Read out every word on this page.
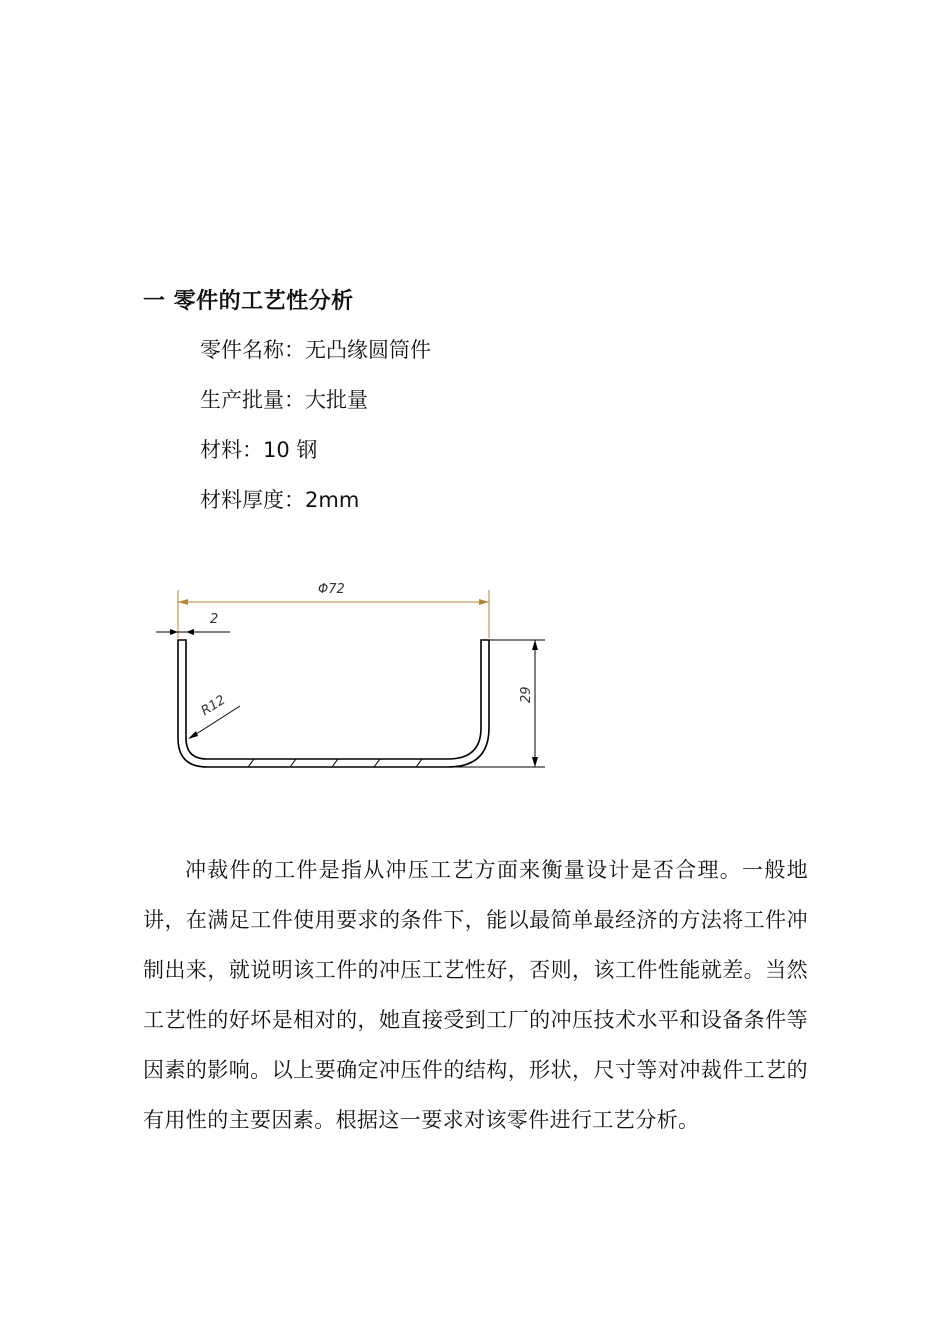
一 零件的工艺性分析
零件名称：无凸缘圆筒件
生产批量：大批量
材料：10 钢
材料厚度：2mm
Φ72
2
R12	29

冲裁件的工件是指从冲压工艺方面来衡量设计是否合理。一般地讲，在满足工件使用要求的条件下，能以最简单最经济的方法将工件冲制出来，就说明该工件的冲压工艺性好，否则，该工件性能就差。当然工艺性的好坏是相对的，她直接受到工厂的冲压技术水平和设备条件等因素的影响。以上要确定冲压件的结构，形状，尺寸等对冲裁件工艺的有用性的主要因素。根据这一要求对该零件进行工艺分析。
